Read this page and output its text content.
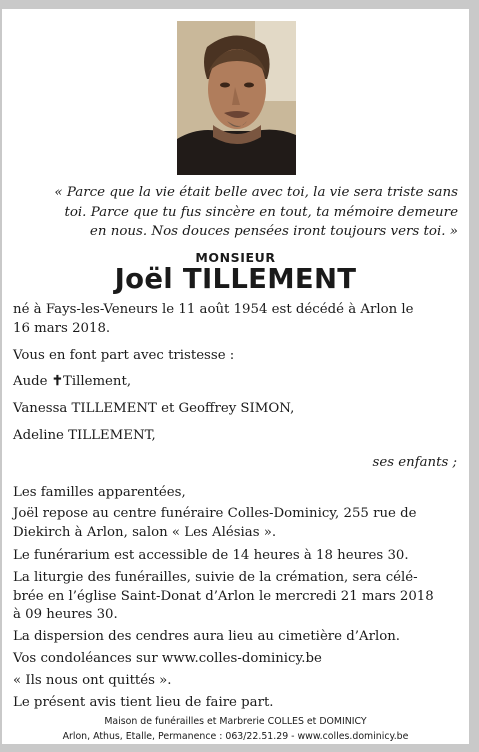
« Parce que la vie était belle avec toi, la vie sera triste sans
toi. Parce que tu fus sincère en tout, ta mémoire demeure
en nous. Nos douces pensées iront toujours vers toi. »
MONSIEUR
Joël TILLEMENT
né à Fays-les-Veneurs le 11 août 1954 est décédé à Arlon le
16 mars 2018.
Vous en font part avec tristesse :
Aude ✝Tillement,
Vanessa TILLEMENT et Geoffrey SIMON,
Adeline TILLEMENT,
ses enfants ;
Les familles apparentées,
Joël repose au centre funéraire Colles-Dominicy, 255 rue de
Diekirch à Arlon, salon « Les Alésias ».
Le funérarium est accessible de 14 heures à 18 heures 30.
La liturgie des funérailles, suivie de la crémation, sera célé-
brée en l’église Saint-Donat d’Arlon le mercredi 21 mars 2018
à 09 heures 30.
La dispersion des cendres aura lieu au cimetière d’Arlon.
Vos condoléances sur www.colles-dominicy.be
« Ils nous ont quittés ».
Le présent avis tient lieu de faire part.
Maison de funérailles et Marbrerie COLLES et DOMINICY
Arlon, Athus, Etalle, Permanence : 063/22.51.29 - www.colles.dominicy.be
